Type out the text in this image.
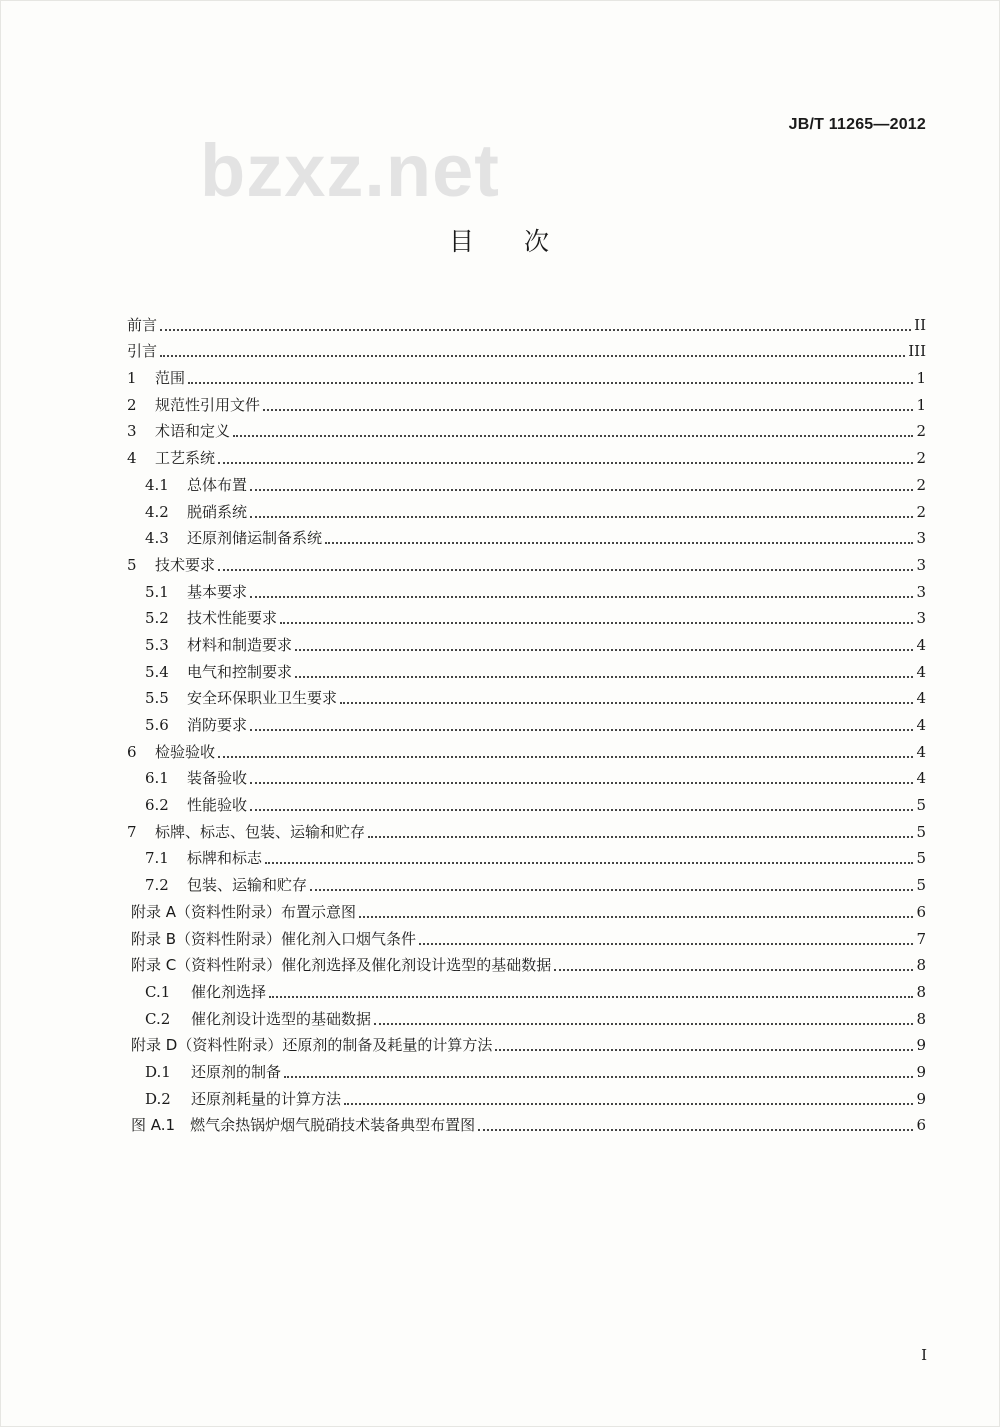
JB/T 11265—2012
bzxz.net
目 次
前言	II
引言	III
1	范围	1
2	规范性引用文件	1
3	术语和定义	2
4	工艺系统	2
4.1	总体布置	2
4.2	脱硝系统	2
4.3	还原剂储运制备系统	3
5	技术要求	3
5.1	基本要求	3
5.2	技术性能要求	3
5.3	材料和制造要求	4
5.4	电气和控制要求	4
5.5	安全环保职业卫生要求	4
5.6	消防要求	4
6	检验验收	4
6.1	装备验收	4
6.2	性能验收	5
7	标牌、标志、包装、运输和贮存	5
7.1	标牌和标志	5
7.2	包装、运输和贮存	5
附录 A（资料性附录）布置示意图	6
附录 B（资料性附录）催化剂入口烟气条件	7
附录 C（资料性附录）催化剂选择及催化剂设计选型的基础数据	8
C.1	催化剂选择	8
C.2	催化剂设计选型的基础数据	8
附录 D（资料性附录）还原剂的制备及耗量的计算方法	9
D.1	还原剂的制备	9
D.2	还原剂耗量的计算方法	9
图 A.1　燃气余热锅炉烟气脱硝技术装备典型布置图	6
I
